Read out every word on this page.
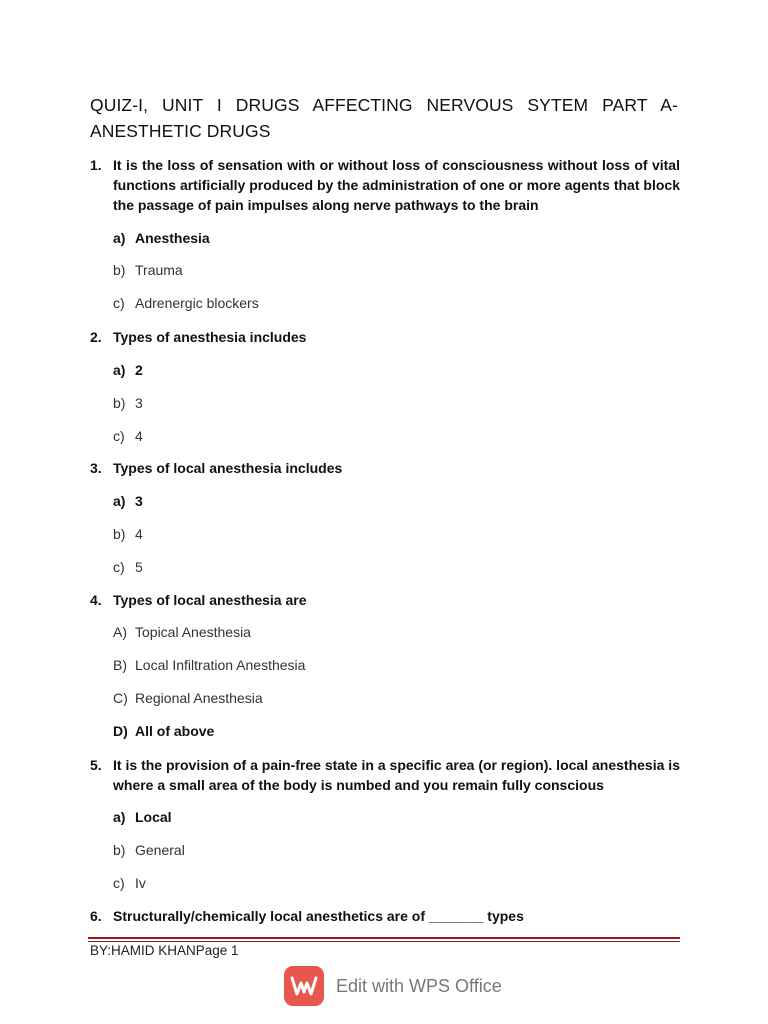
QUIZ-I, UNIT I DRUGS AFFECTING NERVOUS SYTEM PART A- ANESTHETIC DRUGS
1. It is the loss of sensation with or without loss of consciousness without loss of vital functions artificially produced by the administration of one or more agents that block the passage of pain impulses along nerve pathways to the brain
a) Anesthesia
b) Trauma
c) Adrenergic blockers
2. Types of anesthesia includes
a) 2
b) 3
c) 4
3. Types of local anesthesia includes
a) 3
b) 4
c) 5
4. Types of local anesthesia are
A) Topical Anesthesia
B) Local Infiltration Anesthesia
C) Regional Anesthesia
D) All of above
5. It is the provision of a pain-free state in a specific area (or region). local anesthesia is where a small area of the body is numbed and you remain fully conscious
a) Local
b) General
c) Iv
6. Structurally/chemically local anesthetics are of _______ types
BY:HAMID KHANPage 1
Edit with WPS Office
